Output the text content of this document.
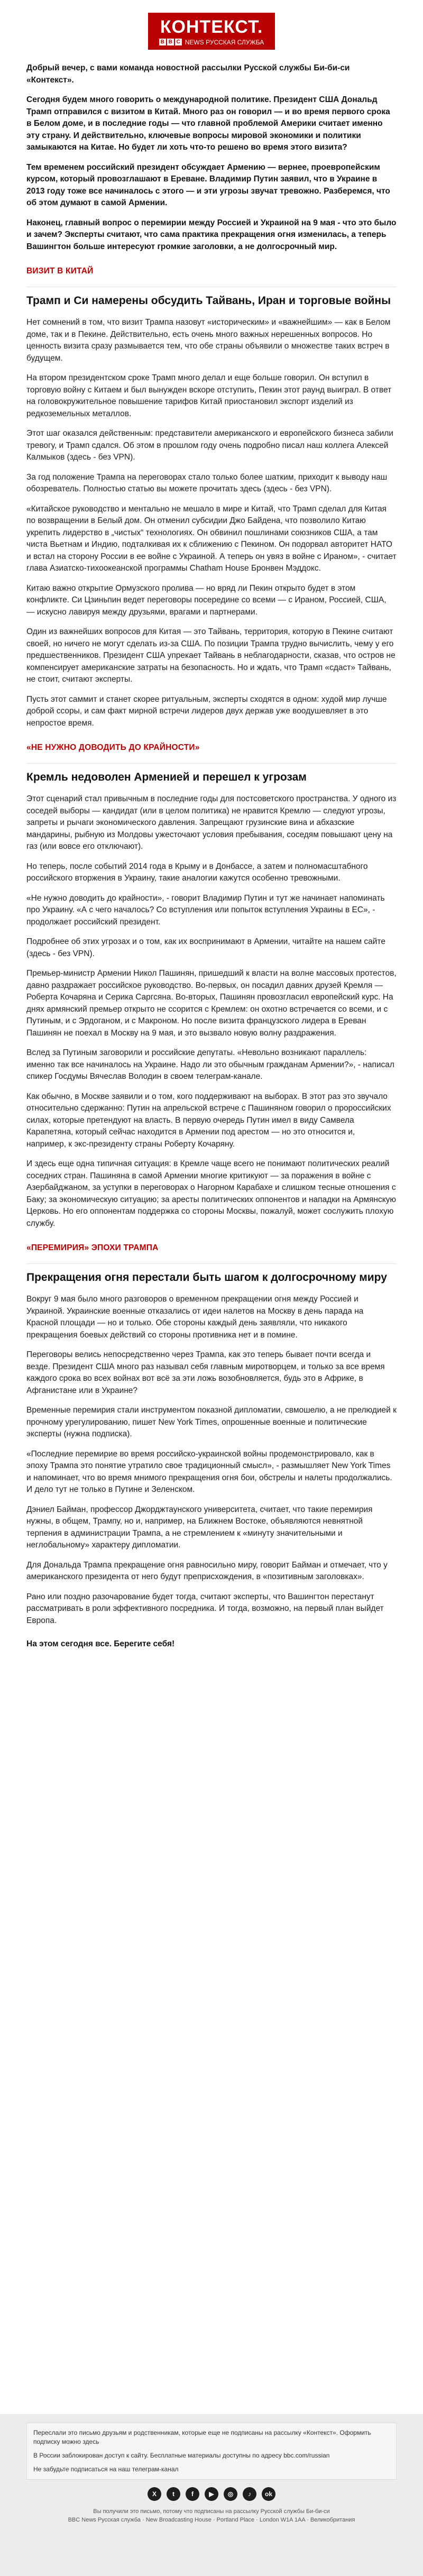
КОНТЕКСТ.
B B C NEWS РУССКАЯ СЛУЖБА

Добрый вечер, с вами команда новостной рассылки Русской службы Би-би-си «Контекст».

Сегодня будем много говорить о международной политике. Президент США Дональд Трамп отправился с визитом в Китай. Много раз он говорил — и во время первого срока в Белом доме, и в последние годы — что главной проблемой Америки считает именно эту страну. И действительно, ключевые вопросы мировой экономики и политики замыкаются на Китае. Но будет ли хоть что-то решено во время этого визита?

Тем временем российский президент обсуждает Армению — вернее, проевропейским курсом, который провозглашают в Ереване. Владимир Путин заявил, что в Украине в 2013 году тоже все начиналось с этого — и эти угрозы звучат тревожно. Разберемся, что об этом думают в самой Армении.

Наконец, главный вопрос о перемирии между Россией и Украиной на 9 мая - что это было и зачем? Эксперты считают, что сама практика прекращения огня изменилась, а теперь Вашингтон больше интересуют громкие заголовки, а не долгосрочный мир.

ВИЗИТ В КИТАЙ
Трамп и Си намерены обсудить Тайвань, Иран и торговые войны

Нет сомнений в том, что визит Трампа назовут «историческим» и «важнейшим» — как в Белом доме, так и в Пекине. Действительно, есть очень много важных нерешенных вопросов. Но ценность визита сразу размывается тем, что обе страны объявили о множестве таких встреч в будущем.

На втором президентском сроке Трамп много делал и еще больше говорил. Он вступил в торговую войну с Китаем и был вынужден вскоре отступить, Пекин этот раунд выиграл. В ответ на головокружительное повышение тарифов Китай приостановил экспорт изделий из редкоземельных металлов.

Этот шаг оказался действенным: представители американского и европейского бизнеса забили тревогу, и Трамп сдался. Об этом в прошлом году очень подробно писал наш коллега Алексей Калмыков (здесь - без VPN).

За год положение Трампа на переговорах стало только более шатким, приходит к выводу наш обозреватель. Полностью статью вы можете прочитать здесь (здесь - без VPN).

«Китайское руководство и ментально не мешало в мире и Китай, что Трамп сделал для Китая по возвращении в Белый дом. Он отменил субсидии Джо Байдена, что позволило Китаю укрепить лидерство в „чистых“ технологиях. Он обвинил пошлинами союзников США, а там чиста Вьетнам и Индию, подталкивая их к сближению с Пекином. Он подорвал авторитет НАТО и встал на сторону России в ее войне с Украиной. А теперь он увяз в войне с Ираном», - считает глава Азиатско-тихоокеанской программы Chatham House Бронвен Мэддокс.

Китаю важно открытие Ормузского пролива — но вряд ли Пекин открыто будет в этом конфликте. Си Цзиньпин ведет переговоры посередине со всеми — с Ираном, Россией, США, — искусно лавируя между друзьями, врагами и партнерами.

Один из важнейших вопросов для Китая — это Тайвань, территория, которую в Пекине считают своей, но ничего не могут сделать из-за США. По позиции Трампа трудно вычислить, чему у его предшественников. Президент США упрекает Тайвань в неблагодарности, сказав, что остров не компенсирует американские затраты на безопасность. Но и ждать, что Трамп «сдаст» Тайвань, не стоит, считают эксперты.

Пусть этот саммит и станет скорее ритуальным, эксперты сходятся в одном: худой мир лучше доброй ссоры, и сам факт мирной встречи лидеров двух держав уже воодушевляет в это непростое время.

«НЕ НУЖНО ДОВОДИТЬ ДО КРАЙНОСТИ»
Кремль недоволен Арменией и перешел к угрозам

Этот сценарий стал привычным в последние годы для постсоветского пространства. У одного из соседей выборы — кандидат (или в целом политика) не нравится Кремлю — следуют угрозы, запреты и рычаги экономического давления. Запрещают грузинские вина и абхазские мандарины, рыбную из Молдовы ужесточают условия пребывания, соседям повышают цену на газ (или вовсе его отключают).

Но теперь, после событий 2014 года в Крыму и в Донбассе, а затем и полномасштабного российского вторжения в Украину, такие аналогии кажутся особенно тревожными.

«Не нужно доводить до крайности», - говорит Владимир Путин и тут же начинает напоминать про Украину. «А с чего началось? Со вступления или попыток вступления Украины в ЕС», - продолжает российский президент.

Подробнее об этих угрозах и о том, как их воспринимают в Армении, читайте на нашем сайте (здесь - без VPN).

Премьер-министр Армении Никол Пашинян, пришедший к власти на волне массовых протестов, давно раздражает российское руководство. Во-первых, он посадил давних друзей Кремля — Роберта Кочаряна и Серика Саргсяна. Во-вторых, Пашинян провозгласил европейский курс. На днях армянский премьер открыто не ссорится с Кремлем: он охотно встречается со всеми, и с Путиным, и с Эрдоганом, и с Макроном. Но после визита французского лидера в Ереван Пашинян не поехал в Москву на 9 мая, и это вызвало новую волну раздражения.

Вслед за Путиным заговорили и российские депутаты. «Невольно возникают параллель: именно так все начиналось на Украине. Надо ли это обычным гражданам Армении?», - написал спикер Госдумы Вячеслав Володин в своем телеграм-канале.

Как обычно, в Москве заявили и о том, кого поддерживают на выборах. В этот раз это звучало относительно сдержанно: Путин на апрельской встрече с Пашиняном говорил о пророссийских силах, которые претендуют на власть. В первую очередь Путин имел в виду Самвела Карапетяна, который сейчас находится в Армении под арестом — но это относится и, например, к экс-президенту страны Роберту Кочаряну.

И здесь еще одна типичная ситуация: в Кремле чаще всего не понимают политических реалий соседних стран. Пашиняна в самой Армении многие критикуют — за поражения в войне с Азербайджаном, за уступки в переговорах о Нагорном Карабахе и слишком тесные отношения с Баку; за экономическую ситуацию; за аресты политических оппонентов и нападки на Армянскую Церковь. Но его оппонентам поддержка со стороны Москвы, пожалуй, может сослужить плохую службу.

«ПЕРЕМИРИЯ» ЭПОХИ ТРАМПА
Прекращения огня перестали быть шагом к долгосрочному миру

Вокруг 9 мая было много разговоров о временном прекращении огня между Россией и Украиной. Украинские военные отказались от идеи налетов на Москву в день парада на Красной площади — но и только. Обе стороны каждый день заявляли, что никакого прекращения боевых действий со стороны противника нет и в помине.

Переговоры велись непосредственно через Трампа, как это теперь бывает почти всегда и везде. Президент США много раз называл себя главным миротворцем, и только за все время каждого срока во всех войнах вот всё за эти ложь возобновляется, будь это в Африке, в Афганистане или в Украине?

Временные перемирия стали инструментом показной дипломатии, свмошелю, а не прелюдией к прочному урегулированию, пишет New York Times, опрошенные военные и политические эксперты (нужна подписка).

«Последние перемирие во время российско-украинской войны продемонстрировало, как в эпоху Трампа это понятие утратило свое традиционный смысл», - размышляет New York Times и напоминает, что во время мнимого прекращения огня бои, обстрелы и налеты продолжались. И дело тут не только в Путине и Зеленском.

Дэниел Байман, профессор Джорджтаунского университета, считает, что такие перемирия нужны, в общем, Трампу, но и, например, на Ближнем Востоке, объявляются невнятной терпения в администрации Трампа, а не стремлением к «минуту значительными и неглобальному» характеру дипломатии.

Для Дональда Трампа прекращение огня равносильно миру, говорит Байман и отмечает, что у американского президента от него будут преприсхождения, в «позитивным заголовках».

Рано или поздно разочарование будет тогда, считают эксперты, что Вашингтон перестанут рассматривать в роли эффективного посредника. И тогда, возможно, на первый план выйдет Европа.

На этом сегодня все. Берегите себя!

Переслали это письмо друзьям и родственникам, которые еще не подписаны на рассылку «Контекст». Оформить подписку можно здесь

В России заблокирован доступ к сайту. Бесплатные материалы доступны по адресу bbc.com/russian

Не забудьте подписаться на наш телеграм-канал

X	t	f	▶	◎	♪	ok
Вы получили это письмо, потому что подписаны на рассылку Русской службы Би-би-си
BBC News Русская служба · New Broadcasting House · Portland Place · London W1A 1AA · Великобритания
